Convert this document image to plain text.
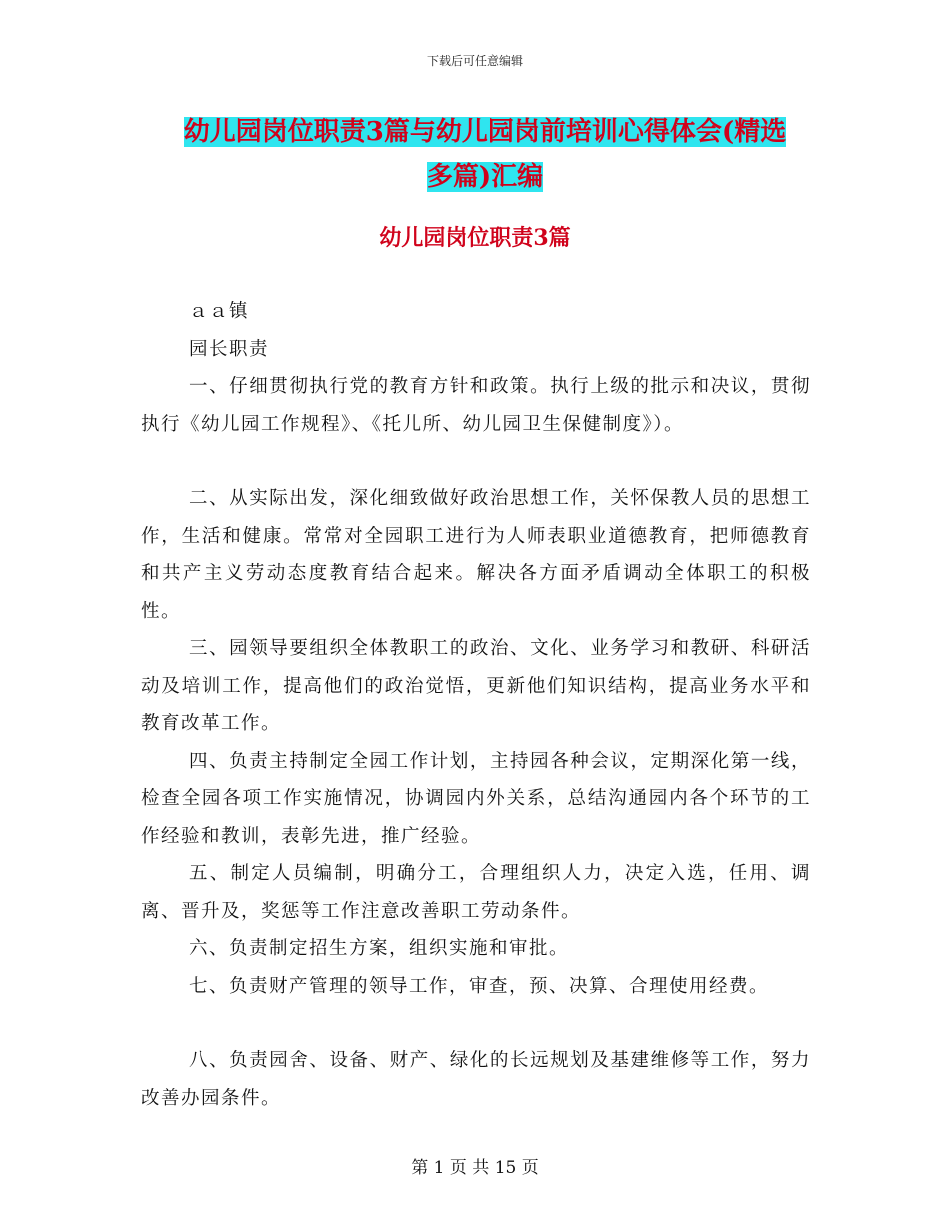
下载后可任意编辑
幼儿园岗位职责3篇与幼儿园岗前培训心得体会(精选
多篇)汇编
幼儿园岗位职责3篇

ａａ镇

园长职责

一、仔细贯彻执行党的教育方针和政策。执行上级的批示和决议，贯彻执行《幼儿园工作规程》、《托儿所、幼儿园卫生保健制度》）。

二、从实际出发，深化细致做好政治思想工作，关怀保教人员的思想工作，生活和健康。常常对全园职工进行为人师表职业道德教育，把师德教育和共产主义劳动态度教育结合起来。解决各方面矛盾调动全体职工的积极性。

三、园领导要组织全体教职工的政治、文化、业务学习和教研、科研活动及培训工作，提高他们的政治觉悟，更新他们知识结构，提高业务水平和教育改革工作。

四、负责主持制定全园工作计划，主持园各种会议，定期深化第一线，检查全园各项工作实施情况，协调园内外关系，总结沟通园内各个环节的工作经验和教训，表彰先进，推广经验。

五、制定人员编制，明确分工，合理组织人力，决定入选，任用、调离、晋升及，奖惩等工作注意改善职工劳动条件。

六、负责制定招生方案，组织实施和审批。

七、负责财产管理的领导工作，审查，预、决算、合理使用经费。

八、负责园舍、设备、财产、绿化的长远规划及基建维修等工作，努力改善办园条件。

第 1 页 共 15 页
